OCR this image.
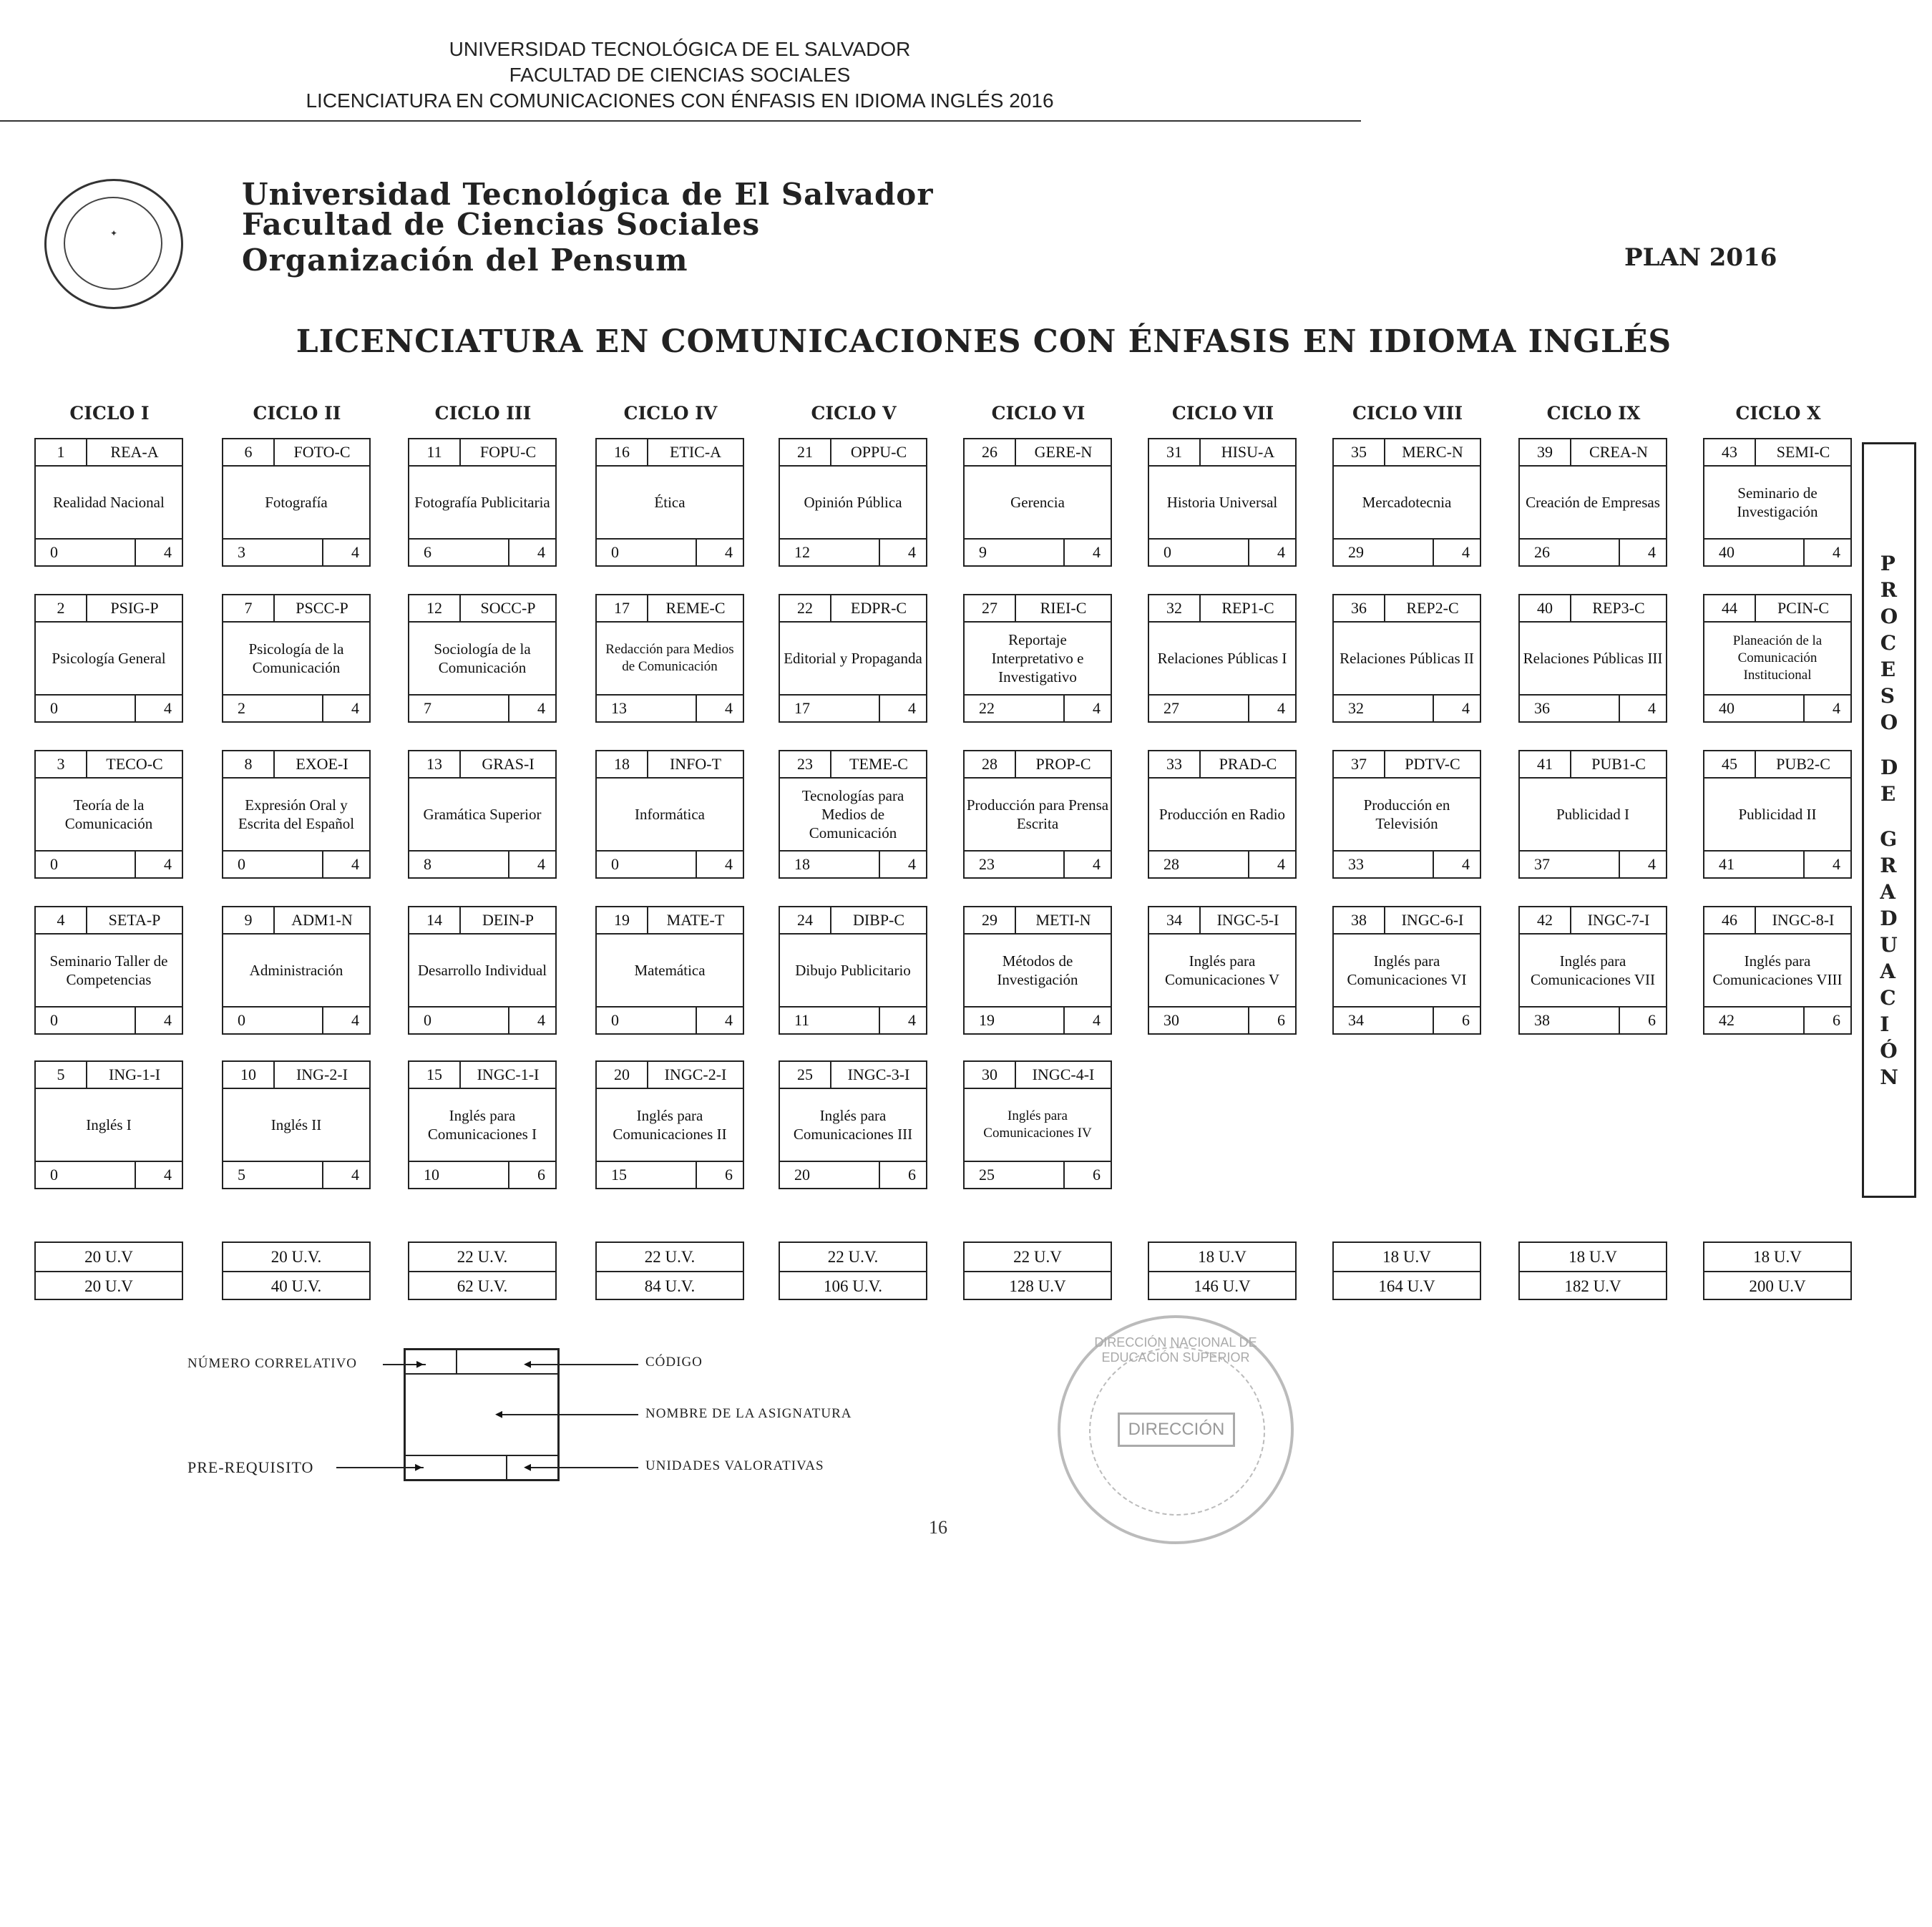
UNIVERSIDAD TECNOLÓGICA DE EL SALVADOR
FACULTAD DE CIENCIAS SOCIALES
LICENCIATURA EN COMUNICACIONES CON ÉNFASIS EN IDIOMA INGLÉS 2016
✦
Universidad Tecnológica de El Salvador
Facultad de Ciencias Sociales
Organización del Pensum	PLAN 2016
LICENCIATURA EN COMUNICACIONES CON ÉNFASIS EN IDIOMA INGLÉS
CICLO I
1	REA-A
Realidad Nacional
0	4
2	PSIG-P
Psicología General
0	4
3	TECO-C
Teoría de la Comunicación
0	4
4	SETA-P
Seminario Taller de Competencias
0	4
5	ING-1-I
Inglés I
0	4
20 U.V
20 U.V
CICLO II
6	FOTO-C
Fotografía
3	4
7	PSCC-P
Psicología de la Comunicación
2	4
8	EXOE-I
Expresión Oral y Escrita del Español
0	4
9	ADM1-N
Administración
0	4
10	ING-2-I
Inglés II
5	4
20 U.V.
40 U.V.
CICLO III
11	FOPU-C
Fotografía Publicitaria
6	4
12	SOCC-P
Sociología de la Comunicación
7	4
13	GRAS-I
Gramática Superior
8	4
14	DEIN-P
Desarrollo Individual
0	4
15	INGC-1-I
Inglés para Comunicaciones I
10	6
22 U.V.
62 U.V.
CICLO IV
16	ETIC-A
Ética
0	4
17	REME-C
Redacción para Medios de Comunicación
13	4
18	INFO-T
Informática
0	4
19	MATE-T
Matemática
0	4
20	INGC-2-I
Inglés para Comunicaciones II
15	6
22 U.V.
84 U.V.
CICLO V
21	OPPU-C
Opinión Pública
12	4
22	EDPR-C
Editorial y Propaganda
17	4
23	TEME-C
Tecnologías para Medios de Comunicación
18	4
24	DIBP-C
Dibujo Publicitario
11	4
25	INGC-3-I
Inglés para Comunicaciones III
20	6
22 U.V.
106 U.V.
CICLO VI
26	GERE-N
Gerencia
9	4
27	RIEI-C
Reportaje Interpretativo e Investigativo
22	4
28	PROP-C
Producción para Prensa Escrita
23	4
29	METI-N
Métodos de Investigación
19	4
30	INGC-4-I
Inglés para Comunicaciones IV
25	6
22 U.V
128 U.V
CICLO VII
31	HISU-A
Historia Universal
0	4
32	REP1-C
Relaciones Públicas I
27	4
33	PRAD-C
Producción en Radio
28	4
34	INGC-5-I
Inglés para Comunicaciones V
30	6
18 U.V
146 U.V
CICLO VIII
35	MERC-N
Mercadotecnia
29	4
36	REP2-C
Relaciones Públicas II
32	4
37	PDTV-C
Producción en Televisión
33	4
38	INGC-6-I
Inglés para Comunicaciones VI
34	6
18 U.V
164 U.V
CICLO IX
39	CREA-N
Creación de Empresas
26	4
40	REP3-C
Relaciones Públicas III
36	4
41	PUB1-C
Publicidad I
37	4
42	INGC-7-I
Inglés para Comunicaciones VII
38	6
18 U.V
182 U.V
CICLO X
43	SEMI-C
Seminario de Investigación
40	4
44	PCIN-C
Planeación de la Comunicación Institucional
40	4
45	PUB2-C
Publicidad II
41	4
46	INGC-8-I
Inglés para Comunicaciones VIII
42	6
18 U.V
200 U.V
P
R
O
C
E
S
O
D
E
G
R
A
D
U
A
C
I
Ó
N
NÚMERO CORRELATIVO	▸	CÓDIGO
◂
NOMBRE DE LA ASIGNATURA
◂
PRE-REQUISITO	▸	UNIDADES VALORATIVAS
◂
DIRECCIÓN NACIONAL DE EDUCACIÓN SUPERIOR
DIRECCIÓN
16
